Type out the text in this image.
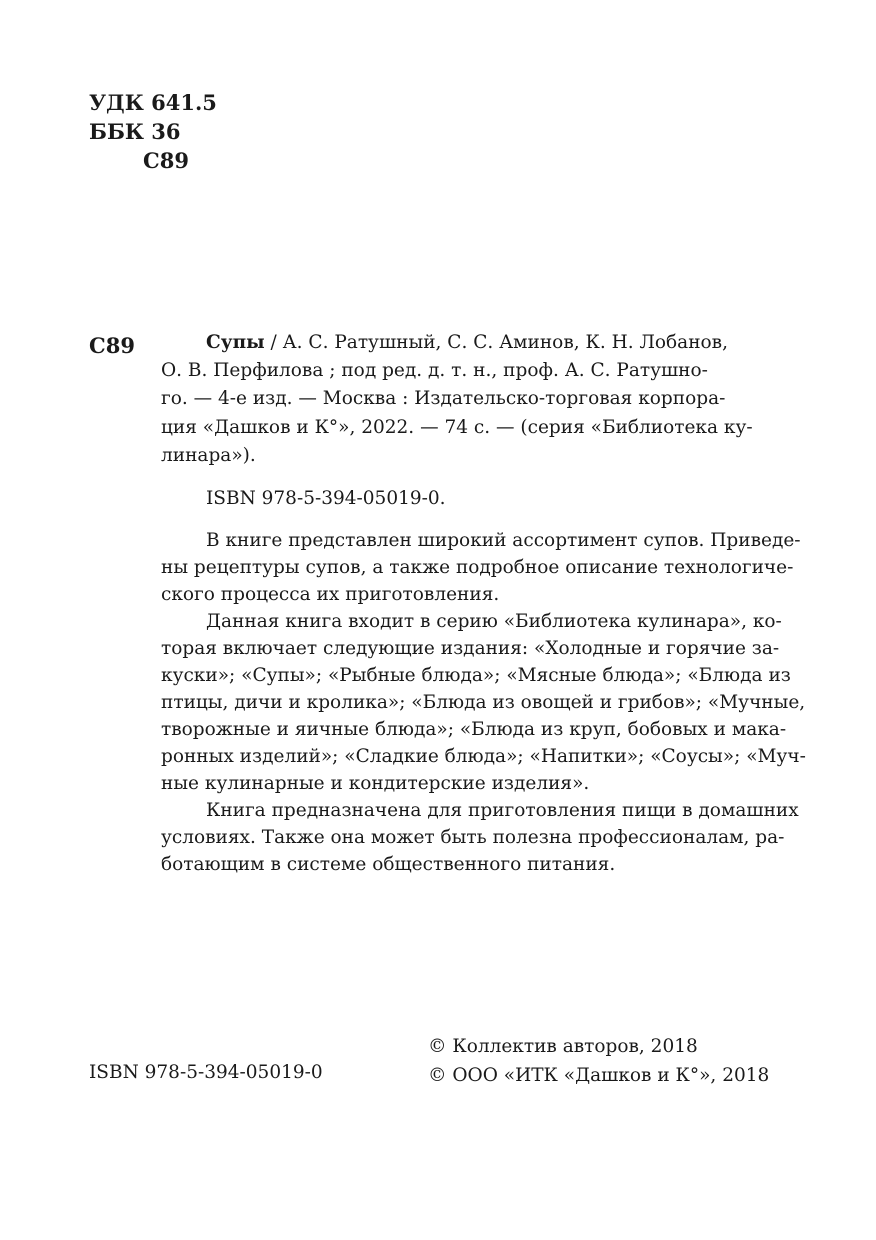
УДК 641.5
ББК 36
С89
С89	Супы / А. С. Ратушный, С. С. Аминов, К. Н. Лобанов,
О. В. Перфилова ; под ред. д. т. н., проф. А. С. Ратушно-
го. — 4-е изд. — Москва : Издательско-торговая корпора-
ция «Дашков и К°», 2022. — 74 с. — (серия «Библиотека ку-
линара»).
ISBN 978-5-394-05019-0.
В книге представлен широкий ассортимент супов. Приведе-
ны рецептуры супов, а также подробное описание технологиче-
ского процесса их приготовления.
Данная книга входит в серию «Библиотека кулинара», ко-
торая включает следующие издания: «Холодные и горячие за-
куски»; «Супы»; «Рыбные блюда»; «Мясные блюда»; «Блюда из
птицы, дичи и кролика»; «Блюда из овощей и грибов»; «Мучные,
творожные и яичные блюда»; «Блюда из круп, бобовых и мака-
ронных изделий»; «Сладкие блюда»; «Напитки»; «Соусы»; «Муч-
ные кулинарные и кондитерские изделия».
Книга предназначена для приготовления пищи в домашних
условиях. Также она может быть полезна профессионалам, ра-
ботающим в системе общественного питания.
ISBN 978-5-394-05019-0
© Коллектив авторов, 2018
© ООО «ИТК «Дашков и К°», 2018
